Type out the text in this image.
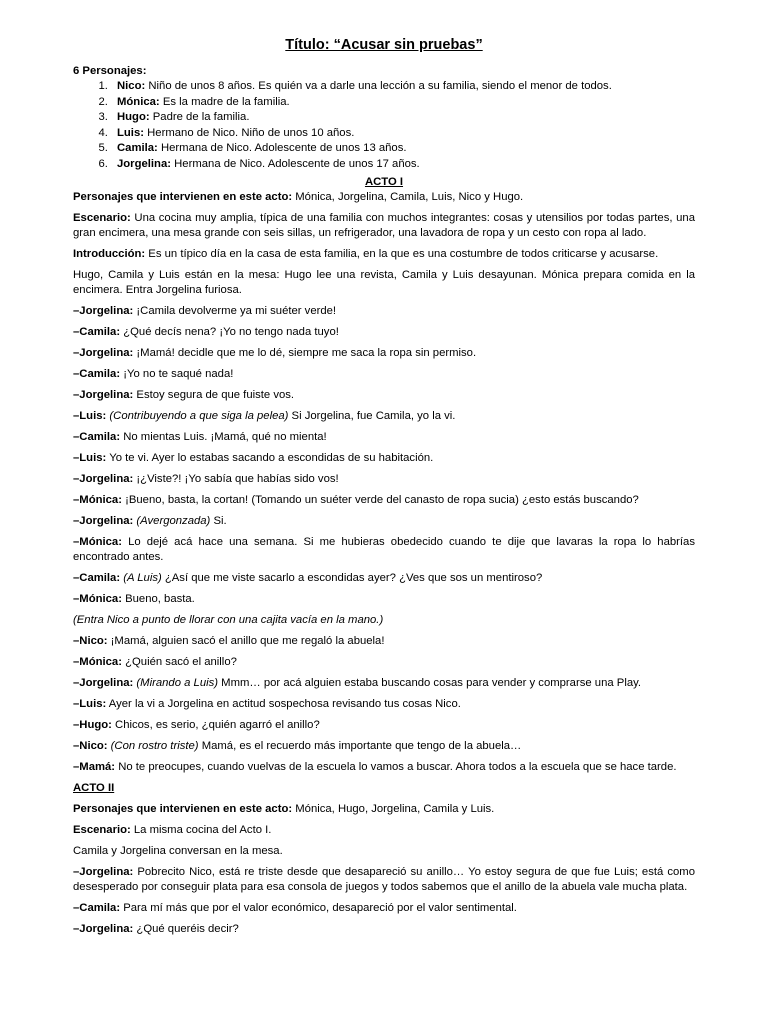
Título: “Acusar sin pruebas”
6 Personajes:
1. Nico: Niño de unos 8 años. Es quién va a darle una lección a su familia, siendo el menor de todos.
2. Mónica: Es la madre de la familia.
3. Hugo: Padre de la familia.
4. Luis: Hermano de Nico. Niño de unos 10 años.
5. Camila: Hermana de Nico. Adolescente de unos 13 años.
6. Jorgelina: Hermana de Nico. Adolescente de unos 17 años.
ACTO I
Personajes que intervienen en este acto: Mónica, Jorgelina, Camila, Luis, Nico y Hugo.
Escenario: Una cocina muy amplia, típica de una familia con muchos integrantes: cosas y utensilios por todas partes, una gran encimera, una mesa grande con seis sillas, un refrigerador, una lavadora de ropa y un cesto con ropa al lado.
Introducción: Es un típico día en la casa de esta familia, en la que es una costumbre de todos criticarse y acusarse.
Hugo, Camila y Luis están en la mesa: Hugo lee una revista, Camila y Luis desayunan. Mónica prepara comida en la encimera. Entra Jorgelina furiosa.
–Jorgelina: ¡Camila devolverme ya mi suéter verde!
–Camila: ¿Qué decís nena? ¡Yo no tengo nada tuyo!
–Jorgelina: ¡Mamá! decidle que me lo dé, siempre me saca la ropa sin permiso.
–Camila: ¡Yo no te saqué nada!
–Jorgelina: Estoy segura de que fuiste vos.
–Luis: (Contribuyendo a que siga la pelea) Si Jorgelina, fue Camila, yo la vi.
–Camila: No mientas Luis. ¡Mamá, qué no mienta!
–Luis: Yo te vi. Ayer lo estabas sacando a escondidas de su habitación.
–Jorgelina: ¡¿Viste?! ¡Yo sabía que habías sido vos!
–Mónica: ¡Bueno, basta, la cortan! (Tomando un suéter verde del canasto de ropa sucia) ¿esto estás buscando?
–Jorgelina: (Avergonzada) Si.
–Mónica: Lo dejé acá hace una semana. Si me hubieras obedecido cuando te dije que lavaras la ropa lo habrías encontrado antes.
–Camila: (A Luis) ¿Así que me viste sacarlo a escondidas ayer? ¿Ves que sos un mentiroso?
–Mónica: Bueno, basta.
(Entra Nico a punto de llorar con una cajita vacía en la mano.)
–Nico: ¡Mamá, alguien sacó el anillo que me regaló la abuela!
–Mónica: ¿Quién sacó el anillo?
–Jorgelina: (Mirando a Luis) Mmm… por acá alguien estaba buscando cosas para vender y comprarse una Play.
–Luis: Ayer la vi a Jorgelina en actitud sospechosa revisando tus cosas Nico.
–Hugo: Chicos, es serio, ¿quién agarró el anillo?
–Nico: (Con rostro triste) Mamá, es el recuerdo más importante que tengo de la abuela…
–Mamá: No te preocupes, cuando vuelvas de la escuela lo vamos a buscar. Ahora todos a la escuela que se hace tarde.
ACTO II
Personajes que intervienen en este acto: Mónica, Hugo, Jorgelina, Camila y Luis.
Escenario: La misma cocina del Acto I.
Camila y Jorgelina conversan en la mesa.
–Jorgelina: Pobrecito Nico, está re triste desde que desapareció su anillo… Yo estoy segura de que fue Luis; está como desesperado por conseguir plata para esa consola de juegos y todos sabemos que el anillo de la abuela vale mucha plata.
–Camila: Para mí más que por el valor económico, desapareció por el valor sentimental.
–Jorgelina: ¿Qué queréis decir?
